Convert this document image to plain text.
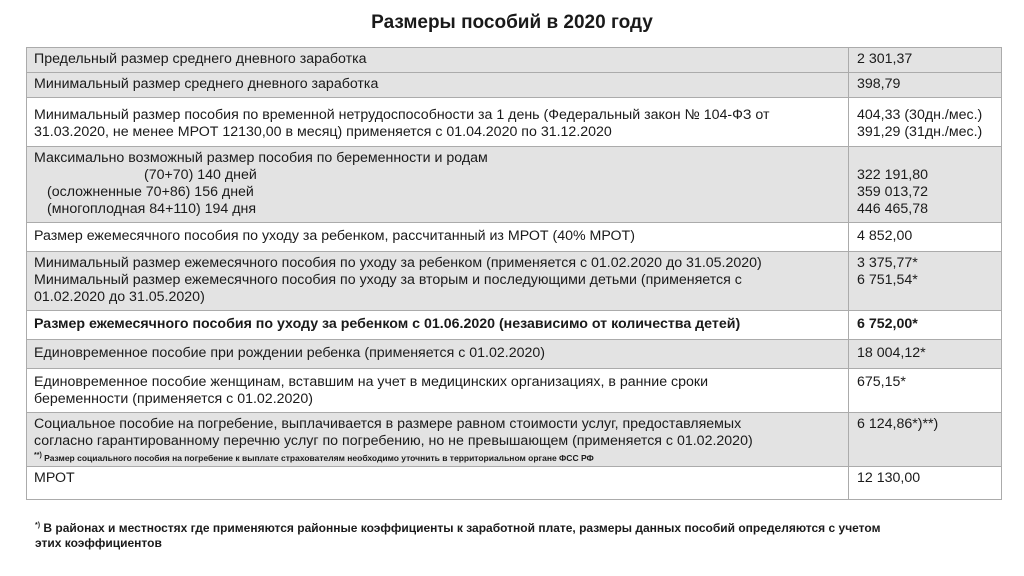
Размеры пособий в 2020 году
Предельный размер среднего дневного заработка	2 301,37

Минимальный размер среднего дневного заработка	398,79

Минимальный размер пособия по временной нетрудоспособности за 1 день (Федеральный закон № 104-ФЗ от
31.03.2020, не менее МРОТ 12130,00 в месяц) применяется с 01.04.2020 по 31.12.2020	404,33 (30дн./мес.)
391,29 (31дн./мес.)

Максимально возможный размер пособия по беременности и родам
(70+70) 140 дней
(осложненные 70+86) 156 дней
(многоплодная 84+110) 194 дня	322 191,80
359 013,72
446 465,78

Размер ежемесячного пособия по уходу за ребенком, рассчитанный из МРОТ (40% МРОТ)	4 852,00

Минимальный размер ежемесячного пособия по уходу за ребенком (применяется с 01.02.2020 до 31.05.2020)
Минимальный размер ежемесячного пособия по уходу за вторым и последующими детьми (применяется с
01.02.2020 до 31.05.2020)	3 375,77*
6 751,54*

Размер ежемесячного пособия по уходу за ребенком с 01.06.2020 (независимо от количества детей)	6 752,00*

Единовременное пособие при рождении ребенка (применяется с 01.02.2020)	18 004,12*

Единовременное пособие женщинам, вставшим на учет в медицинских организациях, в ранние сроки
беременности (применяется с 01.02.2020)	675,15*

Социальное пособие на погребение, выплачивается в размере равном стоимости услуг, предоставляемых
согласно гарантированному перечню услуг по погребению, но не превышающем (применяется с 01.02.2020)
**) Размер социального пособия на погребение к выплате страхователям необходимо уточнить в территориальном органе ФСС РФ	6 124,86*)**)

МРОТ	12 130,00
*) В районах и местностях где применяются районные коэффициенты к заработной плате, размеры данных пособий определяются с учетом
этих коэффициентов
